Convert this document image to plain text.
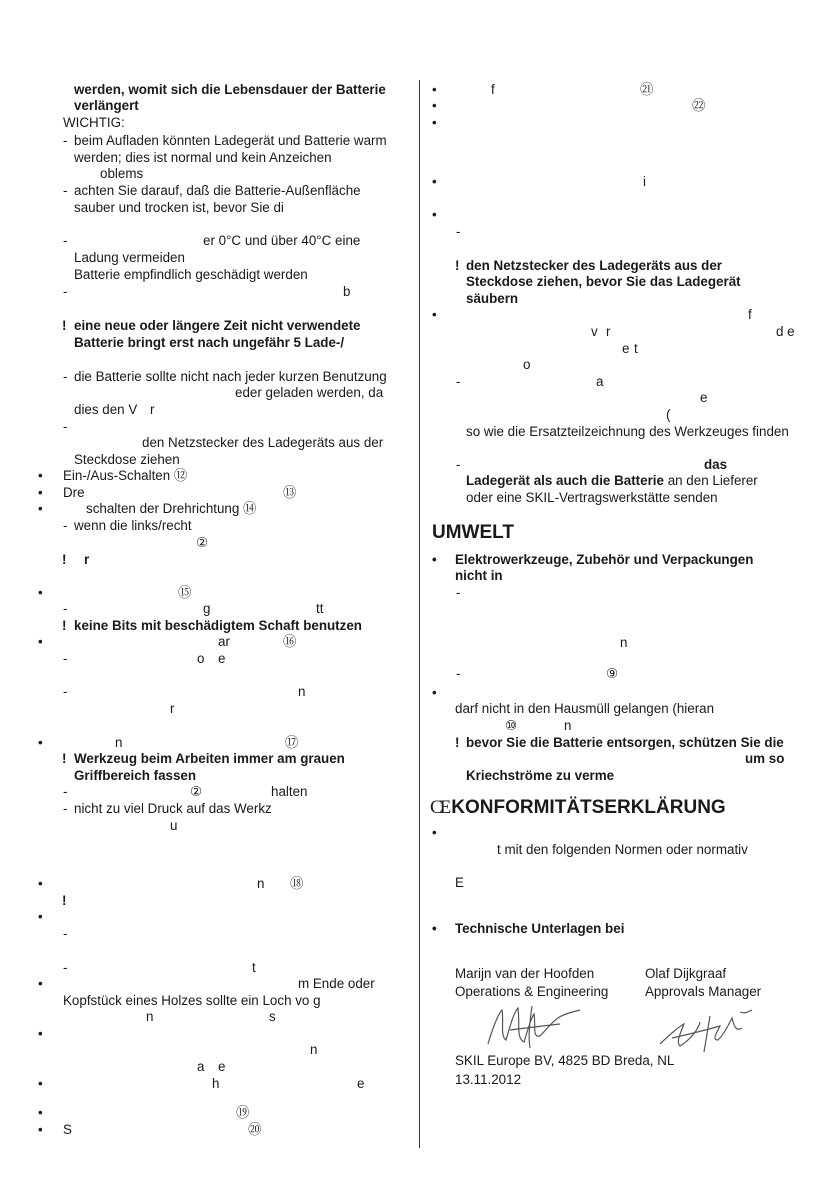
werden, womit sich die Lebensdauer der Batterie
verlängert
WICHTIG:
- beim Aufladen könnten Ladegerät und Batterie warm
werden; dies ist normal und kein Anzeichen
oblems
- achten Sie darauf, daß die Batterie-Außenfläche
sauber und trocken ist, bevor Sie di
-	er 0°C und über 40°C eine
Ladung vermeiden
Batterie empfindlich geschädigt werden
-	b
! eine neue oder längere Zeit nicht verwendete
Batterie bringt erst nach ungefähr 5 Lade-/
- die Batterie sollte nicht nach jeder kurzen Benutzung
eder geladen werden, da
dies den V r
-
den Netzstecker des Ladegeräts aus der
Steckdose ziehen
• Ein-/Aus-Schalten ⑫
• Dre	⑬
•	schalten der Drehrichtung ⑭
- wenn die links/recht
②
! r
•	⑮
-	g	tt
! keine Bits mit beschädigtem Schaft benutzen
•	ar	⑯
-	o e
-	n
r
•	n	⑰
! Werkzeug beim Arbeiten immer am grauen
Griffbereich fassen
-	②	halten
- nicht zu viel Druck auf das Werkz
u
•	n ⑱
!
•
-
-	t
•	m Ende oder
Kopfstück eines Holzes sollte ein Loch vo g
n	s
•
n
a e
•	h	e
•	⑲
• S	⑳
•	f	㉑
•	㉒
•
•	i
•
-
! den Netzstecker des Ladegeräts aus der
Steckdose ziehen, bevor Sie das Ladegerät
säubern
•	f
v r	d e
e t
o
-	a
e
(
so wie die Ersatzteilzeichnung des Werkzeuges finden
-	das
Ladegerät als auch die Batterie an den Lieferer
oder eine SKIL-Vertragswerkstätte senden
UMWELT
• Elektrowerkzeuge, Zubehör und Verpackungen
nicht in
-
n
-	⑨
•
darf nicht in den Hausmüll gelangen (hieran
⑩	n
! bevor Sie die Batterie entsorgen, schützen Sie die
um so
Kriechströme zu verme
CE KONFORMITÄTSERKLÄRUNG
•
t mit den folgenden Normen oder normativ
E
• Technische Unterlagen bei
Marijn van der Hoofden
Operations & Engineering
Olaf Dijkgraaf
Approvals Manager
SKIL Europe BV, 4825 BD Breda, NL
13.11.2012
